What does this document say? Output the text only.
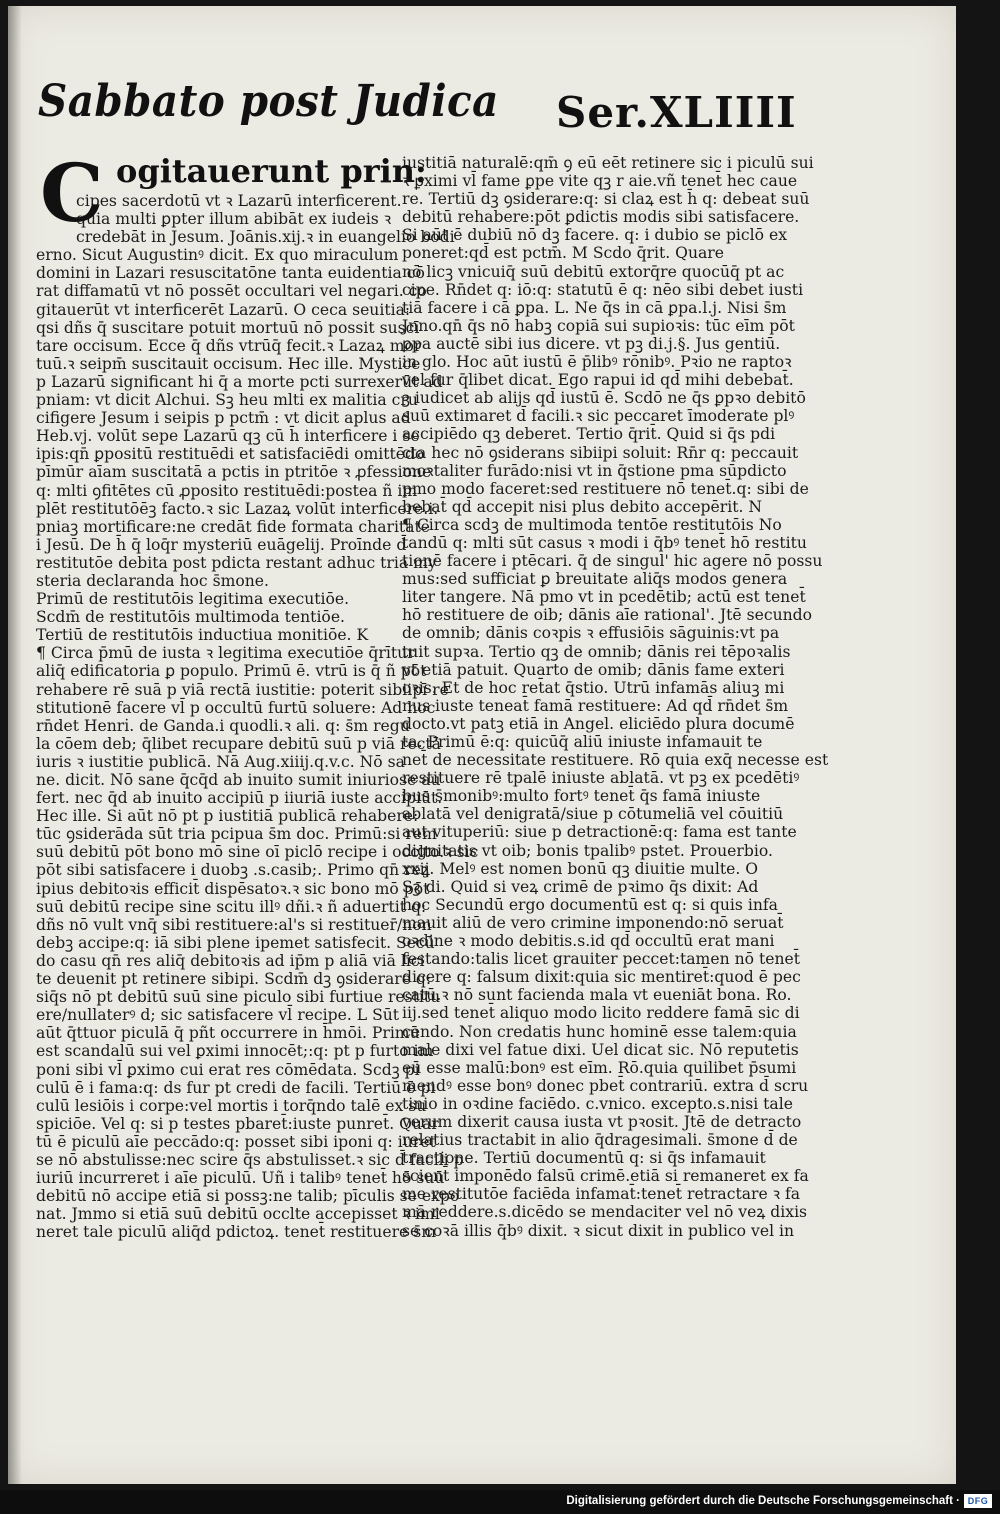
Sabbato post Judica Ser.XLIIII
C ogitauerunt prin:
cipes sacerdotū vt ꝛ Lazarū interficerent.
quia multi ꝑpter illum abibāt ex iudeis ꝛ
credebāt in Jesum. Joānis.xij.ꝛ in euangelio bodi
erno. Sicut Augustinꝰ dicit. Ex quo miraculum
domini in Lazari resuscitatōne tanta euidentia cō
rat diffamatū vt nō possēt occultari vel negari. co
gitauerūt vt interficerēt Lazarū. O ceca seuitia:
qsi dñs q̄ suscitare potuit mortuū nō possit suscī
tare occisum. Ecce q̄ dñs vtrūq̄ fecit.ꝛ Lazaꝝ mor
tuū.ꝛ seipm̄ suscitauit occisum. Hec ille. Mystice
p Lazarū significant hi q̄ a morte pcti surrexerūt ad
pniam: vt dicit Alchui. Sꝫ heu mlti ex malitia cru
cifigere Jesum i seipis p pctm̄ : vt dicit aplus ad
Heb.vj. volūt sepe Lazarū qꝫ cū h̄ interficere i se
ipis:qn̄ ꝑpositū restituēdi et satisfaciēdi omittēdo
pīmūr aīam suscitatā a pctis in ptritōe ꝛ ꝓfessione
q: mlti ꝯfitētes cū ꝓposito restituēdi:postea ñ im
plēt restitutōēꝫ facto.ꝛ sic Lazaꝝ volūt interficere.i.
pniaꝫ mortificare:ne credāt fide formata charitate
i Jesū. De h̄ q̄ loq̄r mysteriū euāgelij. Proīnde d̄
restitutōe debita post pdicta restant adhuc tria my
steria declaranda hoc s̄mone.
Primū de restitutōis legitima executiōe.
Scdm̄ de restitutōis multimoda tentiōe.
Tertiū de restitutōis inductiua monitiōe. K
¶ Circa p̄mū de iusta ꝛ legitima executiōe q̄rītur
aliq̄ edificatoria ꝑ populo. Primū ē. vtrū is q̄ ñ pōt
rehabere rē suā p viā rectā iustitie: poterit sibiipī re
stitutionē facere vl̄ p occultū furtū soluere: Ad hoc
rn̄det Henri̇. de Ganda.i quodli.ꝛ ali. q: s̄m regu
la cōem deb; q̄libet recupare debitū suū p viā rectā
iuris ꝛ iustitie publicā. Nā Aug.xiiij.q.v.c. Nō sa
ne. dicit. Nō sane q̄cq̄d ab inuito sumit iniuriose au
fert. nec q̄d ab inuito accipiū p iiuriā iuste accipiūt.
Hec ille. Si aūt nō pt p iustitiā publicā rehabere:
tūc ꝯsiderāda sūt tria pcipua s̄m doc. Primū:si rem
suū debitū pōt bono mō sine oī piclō recipe i occlto.ꝛ sic
pōt sibi satisfacere i duobꝫ .s.casib;. Primo qn̄ reꝝ
ipius debitoꝛis efficit̄ dispēsatoꝛ.ꝛ sic bono mō pōt
suū debitū recipe sine scitu illꝰ dñi.ꝛ ñ aduertit q:
dñs nō vult vnq̄ sibi restituere:al's si restituer̄/non
debꝫ accipe:q: iā sibi plene ipemet satisfecit. Secū
do casu qn̄ res aliq̄ debitoꝛis ad ip̄m p aliā viā lici
te deuenit pt retinere sibipi. Scdm̄ dꝫ ꝯsiderare q:
siq̄s nō pt debitū suū sine piculo sibi furtiue restitu
ere/nullaterꝰ d; sic satisfacere vl̄ recipe. L Sūt
aūt q̄ttuor piculā q̄ pñt occurrere in h̄mōi. Primū
est scandalū sui vel ꝑximi innocēt;:q: pt p furto im
poni sibi vl̄ ꝑximo cui erat res cōmēdata. Scdꝫ pi
culū ē i fama:q: ds fur pt credi de facili. Tertiū ē pi
culū lesiōis i corpe:vel mortis i torq̄ndo talē ex su
spiciōe. Vel q: si p testes pbaret̄:iuste punret̄. Quar
tū ē piculū aīe peccādo:q: posset sibi iponi q: iuret
se nō abstulisse:nec scire q̄s abstulisset.ꝛ sic d̄ facili p
iuriū incurreret i aīe piculū. Uñ i talibꝰ tenet̄ hō suū
debitū nō accipe etiā si possꝫ:ne talib; pīculis se expo
nat. Jmmo si etiā suū debitū occlte accepisset ꝛ imi
neret tale piculū aliq̄d pdictoꝝ. tenet̄ restituere s̄m
iustitiā naturalē:qm̄ ꝯ eū eēt retinere sic i piculū sui
ꝛ ꝑximi vl̄ fame ꝑpe vite qꝫ r aie.vñ tenet̄ hec caue
re. Tertiū dꝫ ꝯsiderare:q: si claꝝ est h̄ q: debeat suū
debitū rehabere:pōt ꝑdictis modis sibi satisfacere.
Si aūt ē dubiū nō dꝫ facere. q: i dubio se piclō ex
poneret:qd̄ est pctm̄. M Scdo q̄rit. Quare
nō licꝫ vnicuiq̄ suū debitū extorq̄re quocūq̄ pt ac
cipe. Rn̄det q: iō:q: statutū ē q: nēo sibi debet iusti
tiā facere i cā ꝑpa. L. Ne q̄s in cā ꝑpa.l.j. Nisi s̄m
Jnno.qn̄ q̄s nō habꝫ copiā sui supioꝛis: tūc eīm pōt
ꝑpa auctē sibi ius dicere. vt pꝫ di.j.§. Jus gentiū.
in glo. Hoc aūt iustū ē p̄libꝰ rōnibꝰ. Pꝛio ne raptoꝛ
vel fur q̄libet dicat. Ego rapui id qd̄ mihi debebat̄.
ꝫ iudicet ab alijs qd̄ iustū ē. Scdō ne q̄s ꝑpꝛo debitō
suū extimaret d̄ facili.ꝛ sic peccaret īmoderate plꝰ
accipiēdo qꝫ deberet. Tertio q̄rit̄. Quid si q̄s pdi
cta hec nō ꝯsiderans sibiipi soluit: Rn̄r q: peccauit
moꝛtaliter furādo:nisi vt in q̄stione pma sūpdicto
pmo modo faceret:sed restituere nō tenet̄.q: sibi de
bebat̄ qd̄ accepit nisi plus debito accepērit. N
¶ Circa scdꝫ de multimoda tentōe restitutōis No
tandū q: mlti sūt casus ꝛ modi i q̄bꝰ tenet̄ hō restitu
tionē facere i ptēcari. q̄ de singul' hic agere nō possu
mus:sed sufficiat ꝑ breuitate aliq̄s modos genera
liter tangere. Nā pmo vt in pcedētib; actū est tenet̄
hō restituere de oib; dānis aīe rational'. Jtē secundo
de omnib; dānis coꝛpis ꝛ effusiōis sāguinis:vt pa
tuit supꝛa. Tertio qꝫ de omnib; dānis rei tēpoꝛalis
vt etiā patuit. Quarto de omib; dānis fame exteri
oꝛis. Et de hoc ret̄at q̄stio. Utrū infamās aliuꝫ mi
nus iuste teneat̄ famā restituere: Ad qd̄ rn̄det s̄m
docto.vt patꝫ etiā in Angel. eliciēdo plura documē
ta. Primū ē:q: quicūq̄ aliū iniuste infamauit te
net̄ de necessitate restituere. Rō quia exq̄ necesse est
restituere rē tpalē iniuste ablatā. vt pꝫ ex pcedētiꝰ
bus s̄monibꝰ:multo fortꝰ tenet̄ q̄s famā iniuste
ablatā vel denigratā/siue p cōtumeliā vel cōuitiū
aut vituperiū: siue p detractionē:q: fama est tante
dignitatis vt oib; bonis tpalibꝰ pstet. Prouerbio.
xxij. Melꝰ est nomen bonū qꝫ diuitie multe. O
Sꝫ di. Quid si veꝝ crimē de pꝛimo q̄s dixit: Ad
hoc Secundū ergo documentū est q: si quis infa
mauit aliū de vero crimine imponendo:nō seruat̄
oꝛdine ꝛ modo debitis.s.id qd̄ occultū erat mani
festando:talis licet grauiter peccet:tamen nō tenet̄
dicere q: falsum dixit:quia sic mentiret̄:quod ē pec
catū.ꝛ nō sunt facienda mala vt eueniāt bona. Ro.
iij.sed tenet̄ aliquo modo licito reddere famā sic di
cendo. Non credatis hunc hominē esse talem:quia
male dixi vel fatue dixi. Uel dicat sic. Nō reputetis
eū esse malū:bonꝰ est eīm. Rō.quia quilibet p̄sumi
mendꝰ esse bonꝰ donec pbet̄ contrariū. extra d̄ scru
tinio in oꝛdine faciēdo. c.vnico. excepto.s.nisi tale
verum dixerit causa iusta vt pꝛosit. Jtē de detracto
relatius tractabit in alio q̄dragesimali. s̄mone d̄ de
tractione. Tertiū documentū q: si q̄s infamauit
scient̄ imponēdo falsū crimē.etiā si remaneret ex fa
me restitutōe faciēda infamat̄:tenet̄ retractare ꝛ fa
mā reddere.s.dicēdo se mendaciter vel nō veꝝ dixis
se coꝛā illis q̄bꝰ dixit. ꝛ sicut dixit in publico vel in
Digitalisierung gefördert durch die Deutsche Forschungsgemeinschaft · DFG
